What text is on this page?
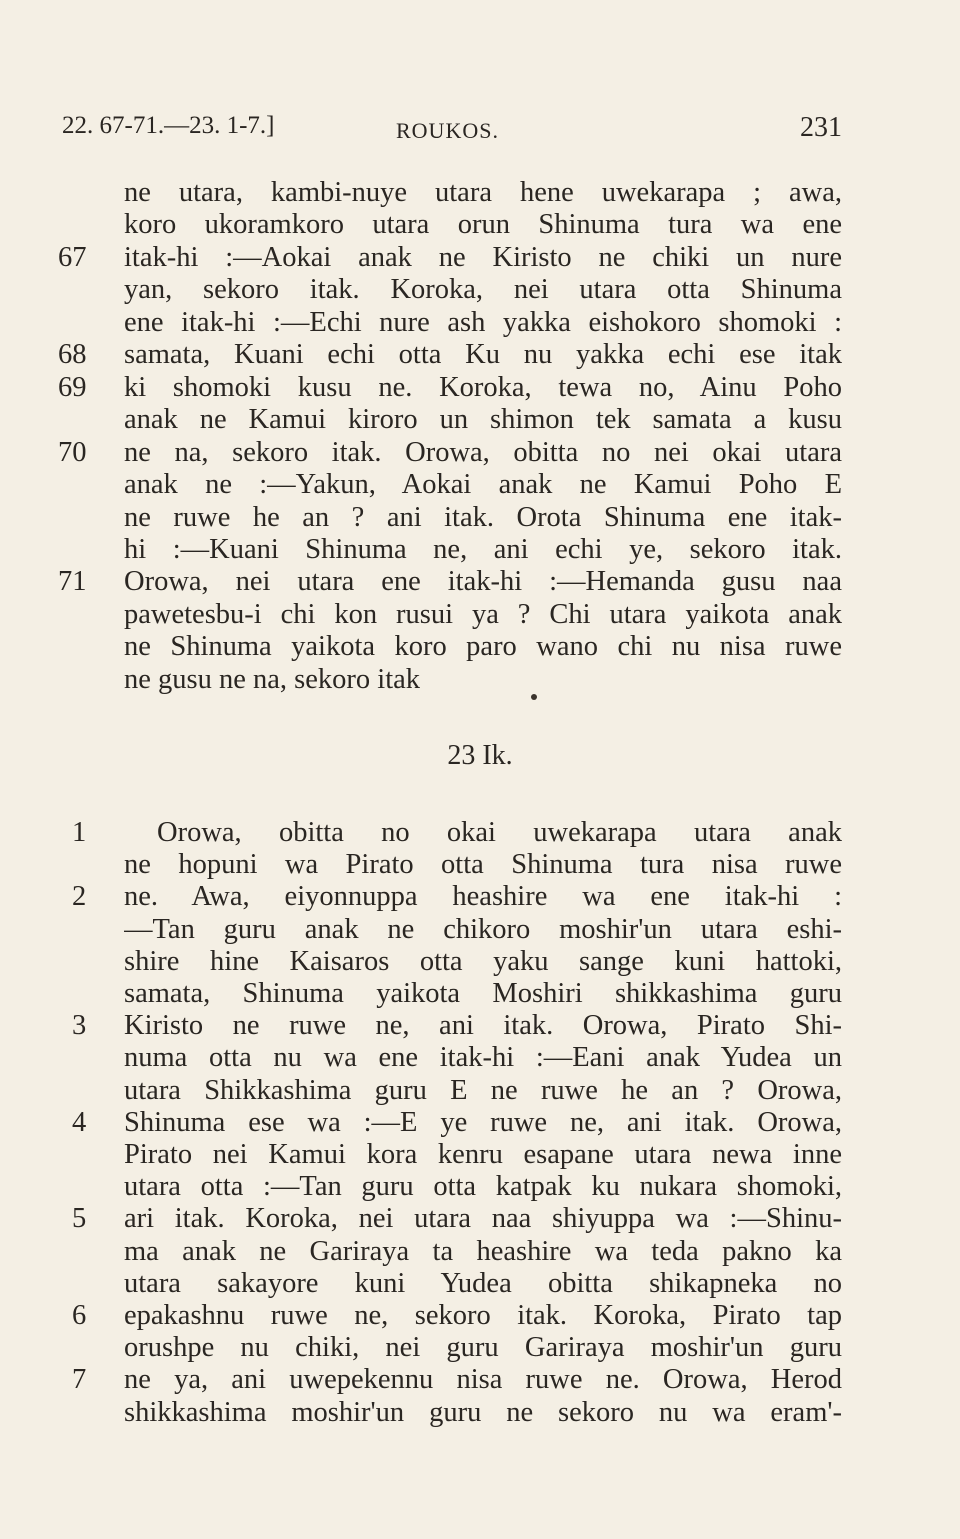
22. 67-71.—23. 1-7.]	ROUKOS.	231
ne utara, kambi-nuye utara hene uwekarapa ; awa,
koro ukoramkoro utara orun Shinuma tura wa ene
67	itak-hi :—Aokai anak ne Kiristo ne chiki un nure
yan, sekoro itak. Koroka, nei utara otta Shinuma
ene itak-hi :—Echi nure ash yakka eishokoro shomoki :
68	samata, Kuani echi otta Ku nu yakka echi ese itak
69	ki shomoki kusu ne. Koroka, tewa no, Ainu Poho
anak ne Kamui kiroro un shimon tek samata a kusu
70	ne na, sekoro itak. Orowa, obitta no nei okai utara
anak ne :—Yakun, Aokai anak ne Kamui Poho E
ne ruwe he an ? ani itak. Orota Shinuma ene itak-
hi :—Kuani Shinuma ne, ani echi ye, sekoro itak.
71	Orowa, nei utara ene itak-hi :—Hemanda gusu naa
pawetesbu-i chi kon rusui ya ? Chi utara yaikota anak
ne Shinuma yaikota koro paro wano chi nu nisa ruwe
ne gusu ne na, sekoro itak
23 Ik.
1	Orowa, obitta no okai uwekarapa utara anak
ne hopuni wa Pirato otta Shinuma tura nisa ruwe
2	ne. Awa, eiyonnuppa heashire wa ene itak-hi :
—Tan guru anak ne chikoro moshir'un utara eshi-
shire hine Kaisaros otta yaku sange kuni hattoki,
samata, Shinuma yaikota Moshiri shikkashima guru
3	Kiristo ne ruwe ne, ani itak. Orowa, Pirato Shi-
numa otta nu wa ene itak-hi :—Eani anak Yudea un
utara Shikkashima guru E ne ruwe he an ? Orowa,
4	Shinuma ese wa :—E ye ruwe ne, ani itak. Orowa,
Pirato nei Kamui kora kenru esapane utara newa inne
utara otta :—Tan guru otta katpak ku nukara shomoki,
5	ari itak. Koroka, nei utara naa shiyuppa wa :—Shinu-
ma anak ne Gariraya ta heashire wa teda pakno ka
utara sakayore kuni Yudea obitta shikapneka no
6	epakashnu ruwe ne, sekoro itak. Koroka, Pirato tap
orushpe nu chiki, nei guru Gariraya moshir'un guru
7	ne ya, ani uwepekennu nisa ruwe ne. Orowa, Herod
shikkashima moshir'un guru ne sekoro nu wa eram'-
